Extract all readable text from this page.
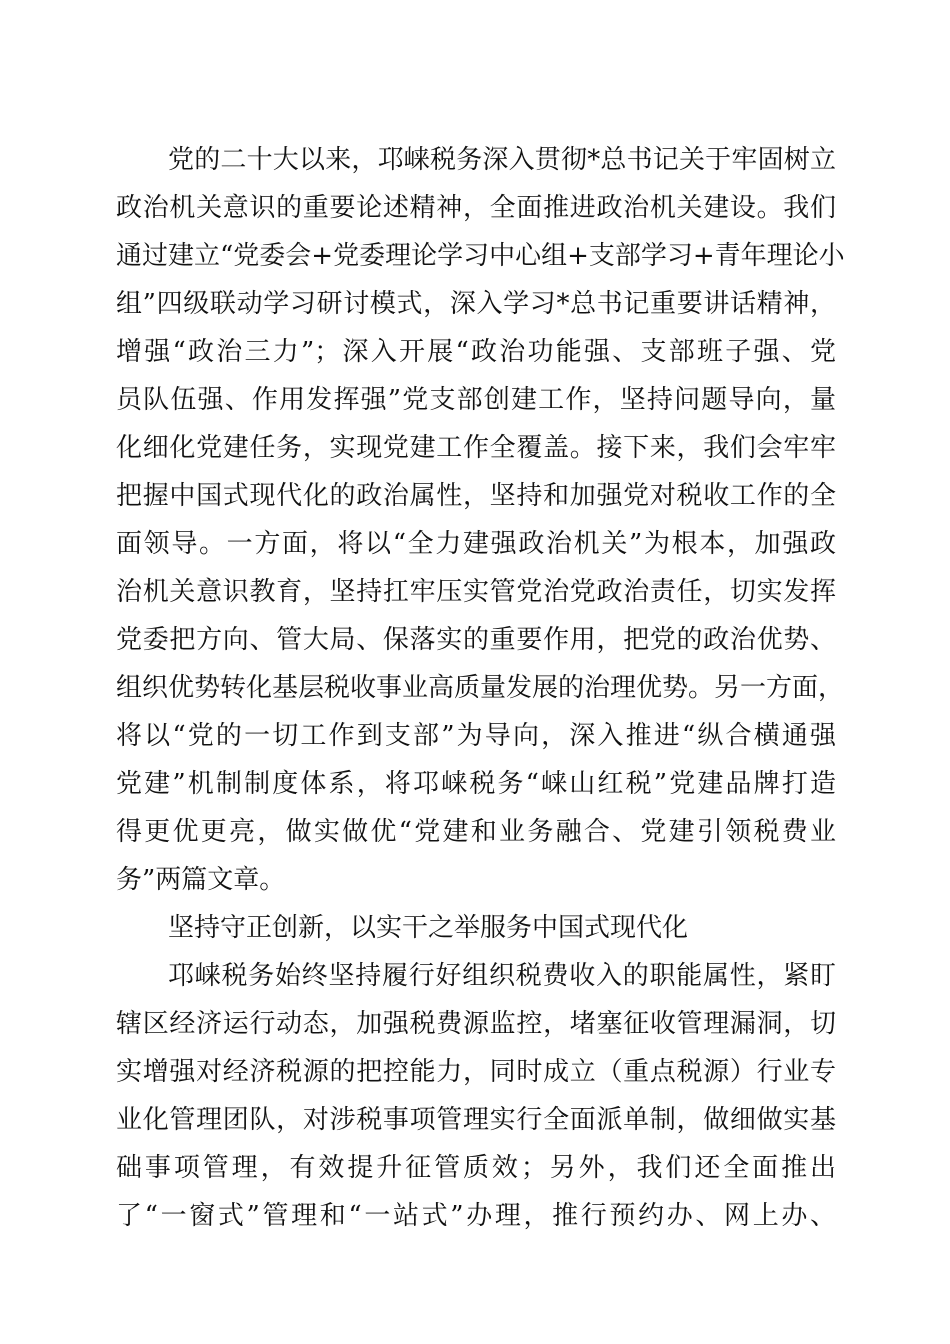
党的二十大以来，邛崃税务深入贯彻*总书记关于牢固树立
政治机关意识的重要论述精神，全面推进政治机关建设。我们
通过建立“党委会+党委理论学习中心组+支部学习+青年理论小
组”四级联动学习研讨模式，深入学习*总书记重要讲话精神，
增强“政治三力”；深入开展“政治功能强、支部班子强、党
员队伍强、作用发挥强”党支部创建工作，坚持问题导向，量
化细化党建任务，实现党建工作全覆盖。接下来，我们会牢牢
把握中国式现代化的政治属性，坚持和加强党对税收工作的全
面领导。一方面，将以“全力建强政治机关”为根本，加强政
治机关意识教育，坚持扛牢压实管党治党政治责任，切实发挥
党委把方向、管大局、保落实的重要作用，把党的政治优势、
组织优势转化基层税收事业高质量发展的治理优势。另一方面，
将以“党的一切工作到支部”为导向，深入推进“纵合横通强
党建”机制制度体系，将邛崃税务“崃山红税”党建品牌打造
得更优更亮，做实做优“党建和业务融合、党建引领税费业
务”两篇文章。
坚持守正创新，以实干之举服务中国式现代化
邛崃税务始终坚持履行好组织税费收入的职能属性，紧盯
辖区经济运行动态，加强税费源监控，堵塞征收管理漏洞，切
实增强对经济税源的把控能力，同时成立（重点税源）行业专
业化管理团队，对涉税事项管理实行全面派单制，做细做实基
础事项管理，有效提升征管质效；另外，我们还全面推出
了“一窗式”管理和“一站式”办理，推行预约办、网上办、
